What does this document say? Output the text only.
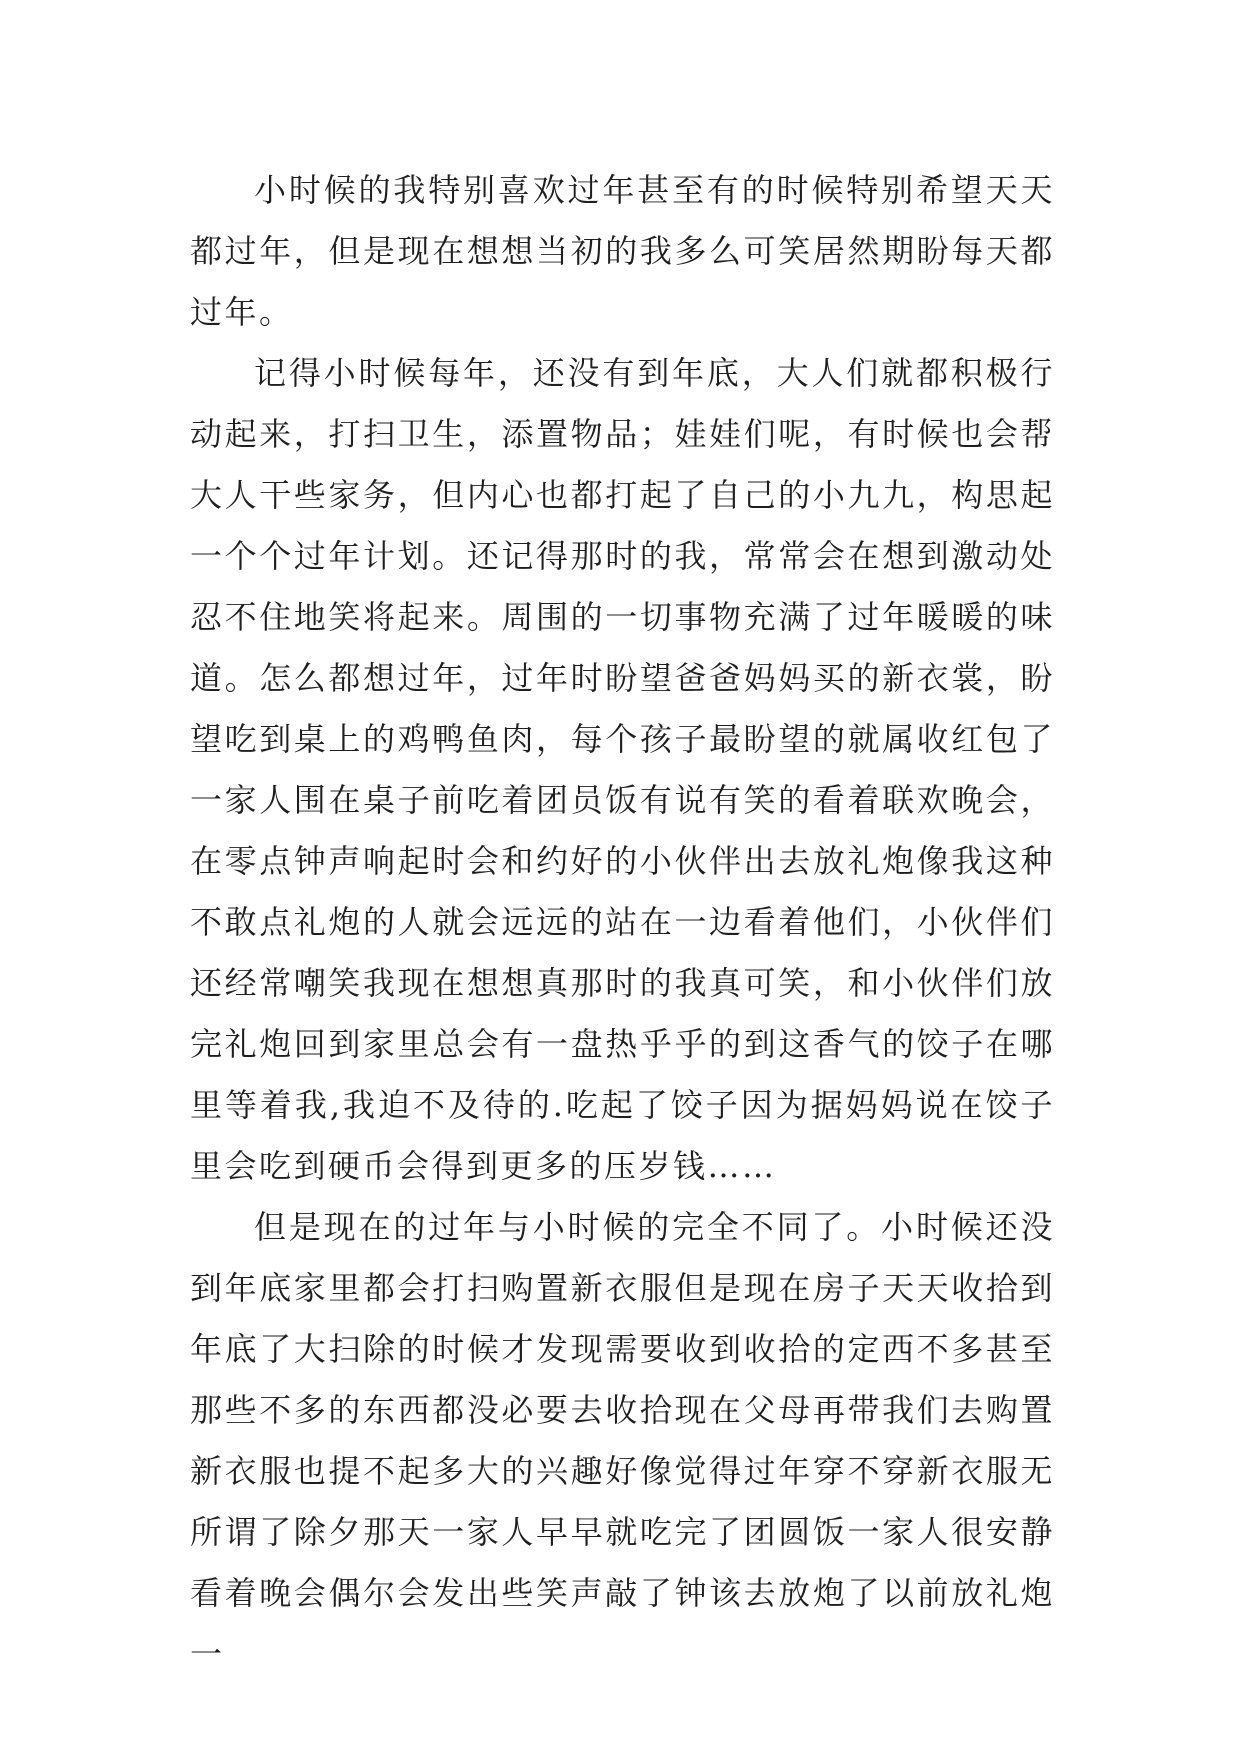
小时候的我特别喜欢过年甚至有的时候特别希望天天都过年，但是现在想想当初的我多么可笑居然期盼每天都过年。

记得小时候每年，还没有到年底，大人们就都积极行动起来，打扫卫生，添置物品；娃娃们呢，有时候也会帮大人干些家务，但内心也都打起了自己的小九九，构思起一个个过年计划。还记得那时的我，常常会在想到激动处忍不住地笑将起来。周围的一切事物充满了过年暖暖的味道。怎么都想过年，过年时盼望爸爸妈妈买的新衣裳，盼望吃到桌上的鸡鸭鱼肉，每个孩子最盼望的就属收红包了一家人围在桌子前吃着团员饭有说有笑的看着联欢晚会，在零点钟声响起时会和约好的小伙伴出去放礼炮像我这种不敢点礼炮的人就会远远的站在一边看着他们，小伙伴们还经常嘲笑我现在想想真那时的我真可笑，和小伙伴们放完礼炮回到家里总会有一盘热乎乎的到这香气的饺子在哪里等着我,我迫不及待的.吃起了饺子因为据妈妈说在饺子里会吃到硬币会得到更多的压岁钱……

但是现在的过年与小时候的完全不同了。小时候还没到年底家里都会打扫购置新衣服但是现在房子天天收拾到年底了大扫除的时候才发现需要收到收拾的定西不多甚至那些不多的东西都没必要去收拾现在父母再带我们去购置新衣服也提不起多大的兴趣好像觉得过年穿不穿新衣服无所谓了除夕那天一家人早早就吃完了团圆饭一家人很安静看着晚会偶尔会发出些笑声敲了钟该去放炮了以前放礼炮一
